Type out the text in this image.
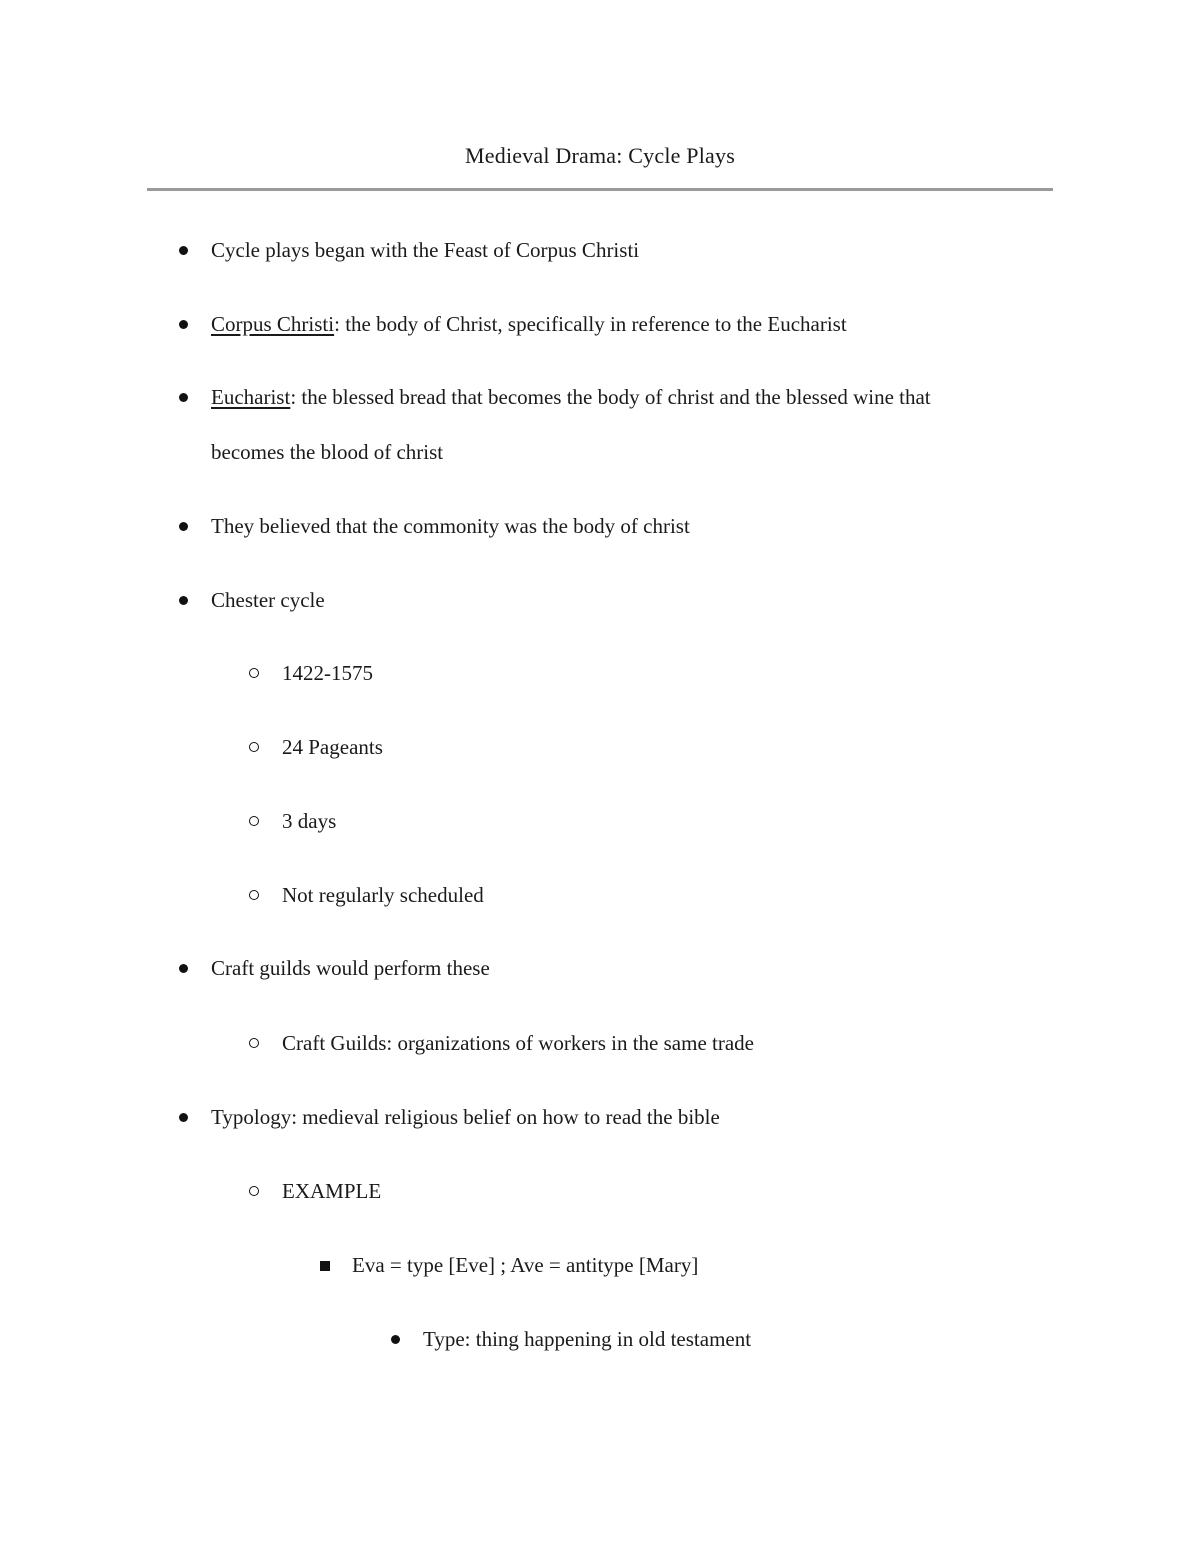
Medieval Drama: Cycle Plays
Cycle plays began with the Feast of Corpus Christi
Corpus Christi: the body of Christ, specifically in reference to the Eucharist
Eucharist: the blessed bread that becomes the body of christ and the blessed wine that
becomes the blood of christ
They believed that the commonity was the body of christ
Chester cycle
1422-1575
24 Pageants
3 days
Not regularly scheduled
Craft guilds would perform these
Craft Guilds: organizations of workers in the same trade
Typology: medieval religious belief on how to read the bible
EXAMPLE
Eva = type [Eve] ; Ave = antitype [Mary]
Type: thing happening in old testament
